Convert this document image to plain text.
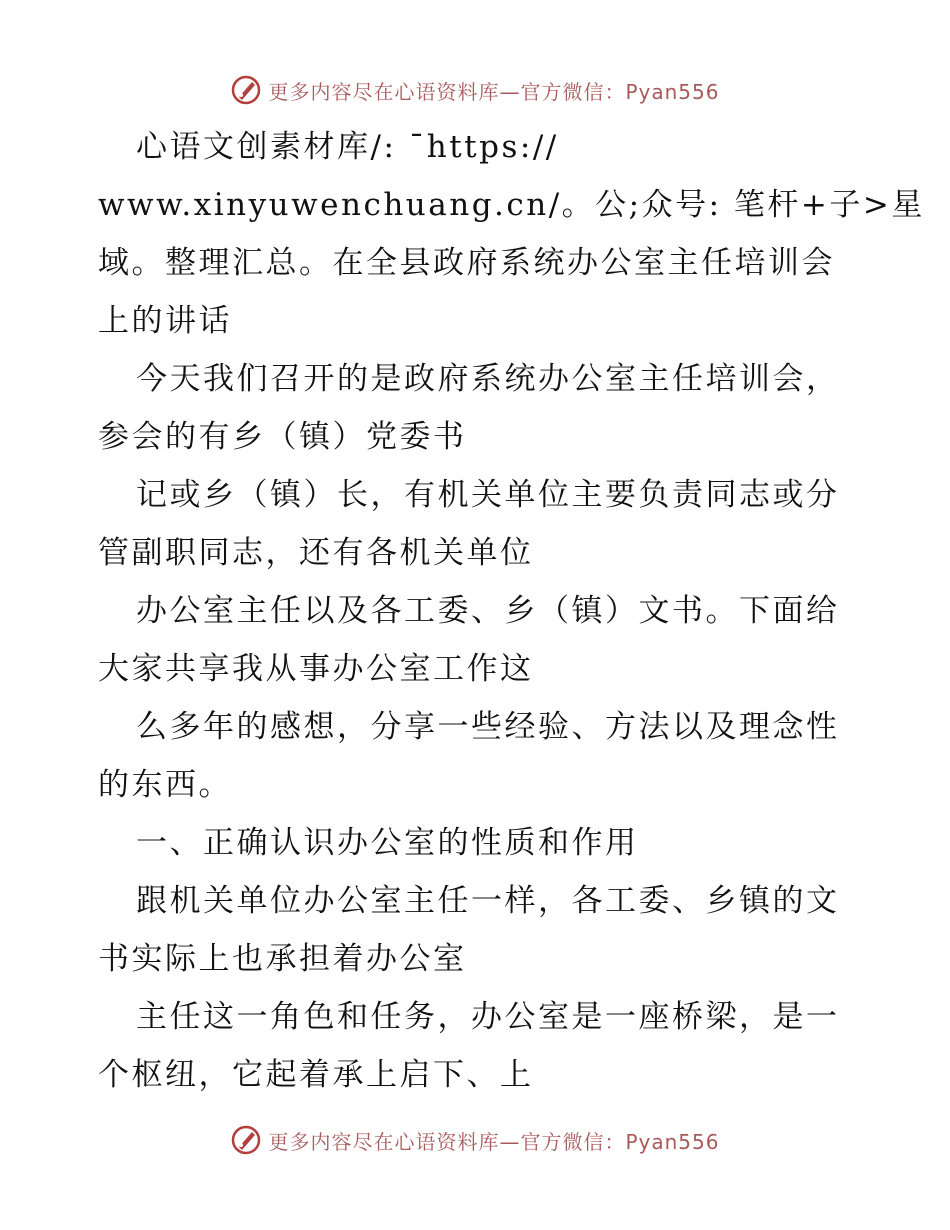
更多内容尽在心语资料库—官方微信：Pyan556
心语文创素材库/: ¯https://
www.xinyuwenchuang.cn/。公;众号: 笔杆+子>星
域。整理汇总。在全县政府系统办公室主任培训会
上的讲话
今天我们召开的是政府系统办公室主任培训会，
参会的有乡（镇）党委书
记或乡（镇）长，有机关单位主要负责同志或分
管副职同志，还有各机关单位
办公室主任以及各工委、乡（镇）文书。下面给
大家共享我从事办公室工作这
么多年的感想，分享一些经验、方法以及理念性
的东西。
一、正确认识办公室的性质和作用
跟机关单位办公室主任一样，各工委、乡镇的文
书实际上也承担着办公室
主任这一角色和任务，办公室是一座桥梁，是一
个枢纽，它起着承上启下、上
更多内容尽在心语资料库—官方微信：Pyan556
